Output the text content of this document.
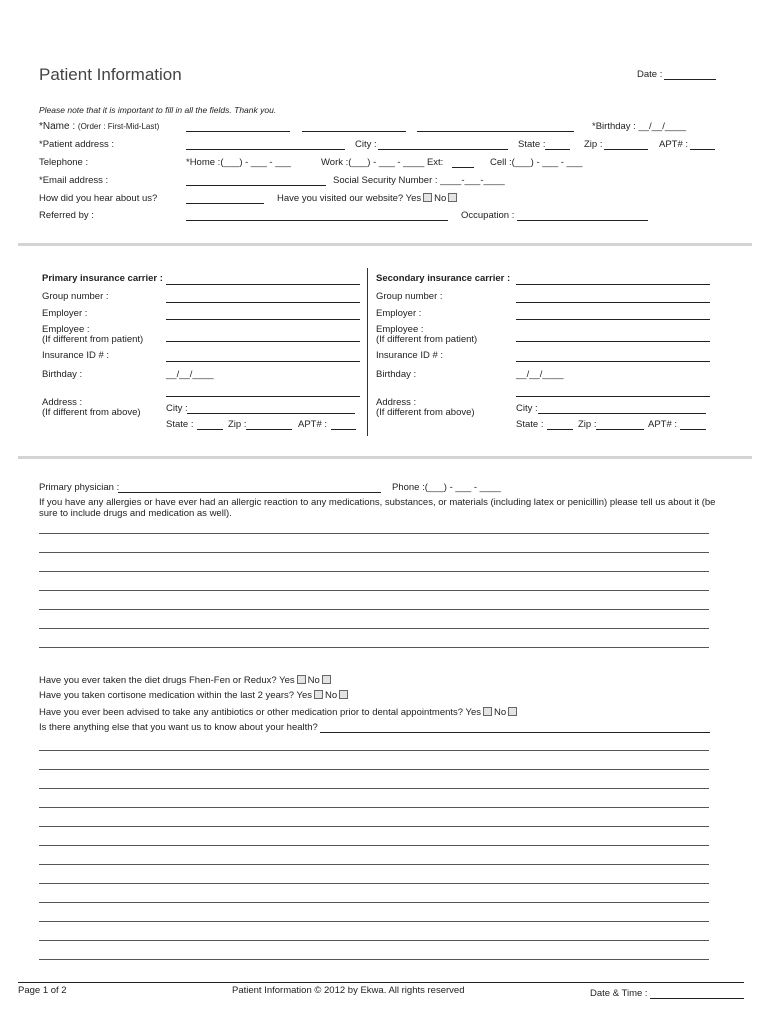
Patient Information	Date :
Please note that it is important to fill in all the fields. Thank you.
*Name : (Order : First-Mid-Last)	*Birthday : __/__/____
*Patient address :	City :	State :	Zip :	APT# :
Telephone :	*Home :(___) - ___ - ___	Work :(___) - ___ - ____ Ext:	Cell :(___) - ___ - ___
*Email address :	Social Security Number : ____-___-____
How did you hear about us?	Have you visited our website? Yes No
Referred by :	Occupation :
Primary insurance carrier :
Group number :
Employer :
Employee :
(If different from patient)
Insurance ID # :
Birthday :	__/__/____
Address :
(If different from above)	City :
State :	Zip :	APT# :
Secondary insurance carrier :
Group number :
Employer :
Employee :
(If different from patient)
Insurance ID # :
Birthday :	__/__/____
Address :
(If different from above)	City :
State :	Zip :	APT# :
Primary physician :	Phone :(___) - ___ - ____
If you have any allergies or have ever had an allergic reaction to any medications, substances, or materials (including latex or penicillin) please tell us about it (be
sure to include drugs and medication as well).
Have you ever taken the diet drugs Fhen-Fen or Redux? Yes No
Have you taken cortisone medication within the last 2 years? Yes No
Have you ever been advised to take any antibiotics or other medication prior to dental appointments? Yes No
Is there anything else that you want us to know about your health?
Page 1 of 2	Patient Information © 2012 by Ekwa. All rights reserved	Date & Time :
